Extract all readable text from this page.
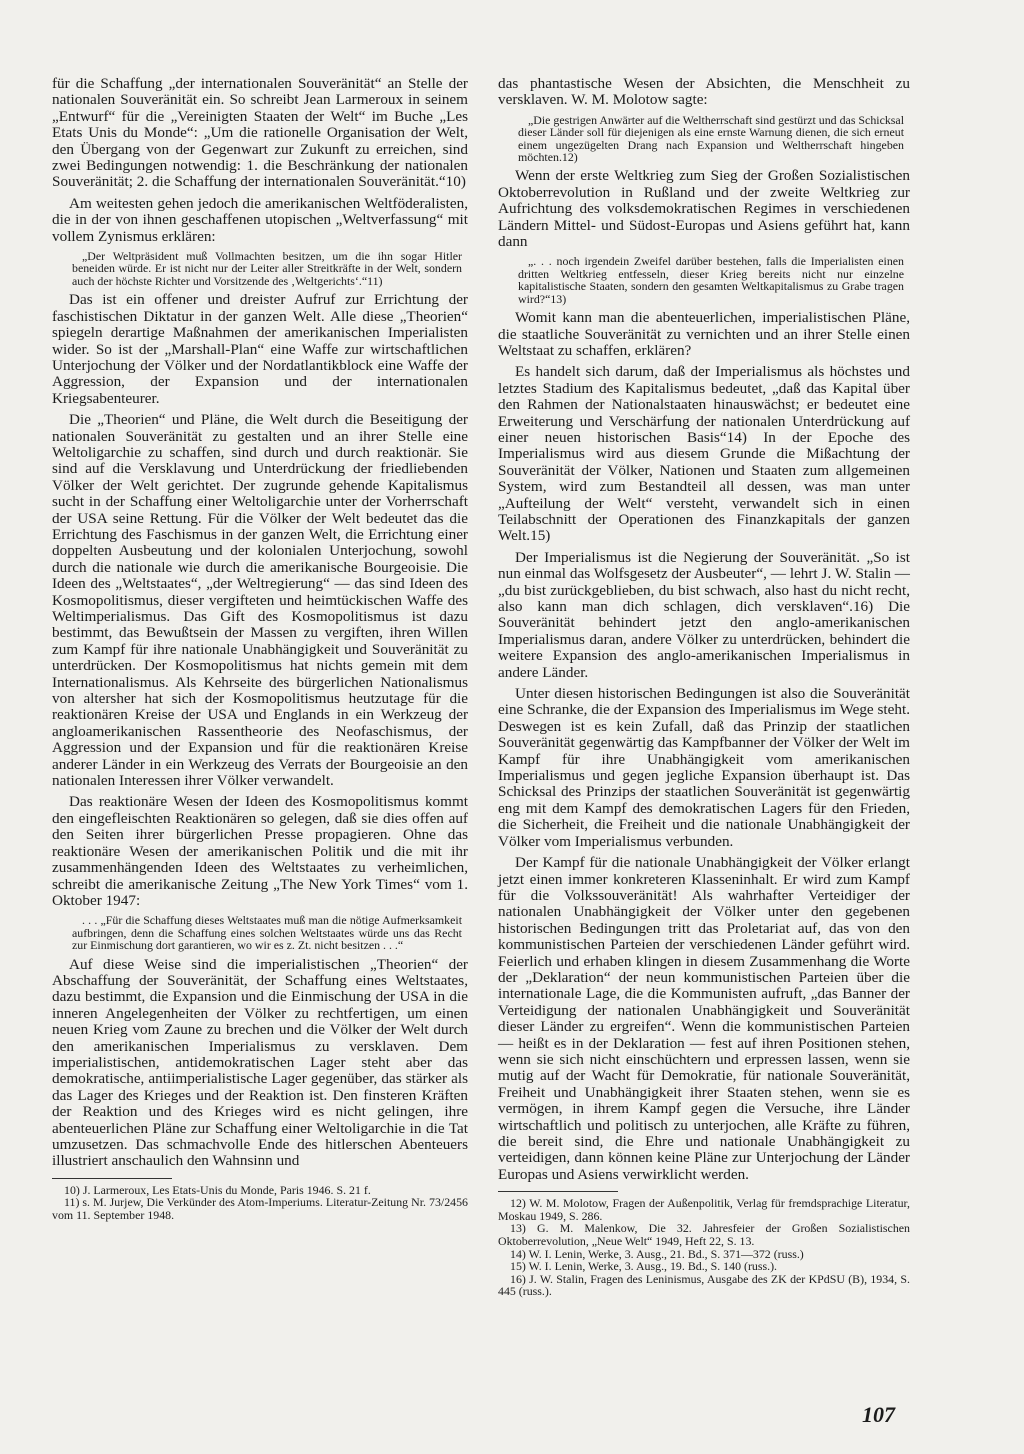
für die Schaffung „der internationalen Souveränität“ an Stelle der nationalen Souveränität ein. So schreibt Jean Larmeroux in seinem „Entwurf“ für die „Vereinigten Staaten der Welt“ im Buche „Les Etats Unis du Monde“: „Um die rationelle Organisation der Welt, den Übergang von der Gegenwart zur Zukunft zu erreichen, sind zwei Bedingungen notwendig: 1. die Beschränkung der nationalen Souveränität; 2. die Schaffung der internationalen Souveränität.“10)

Am weitesten gehen jedoch die amerikanischen Weltföderalisten, die in der von ihnen geschaffenen utopischen „Weltverfassung“ mit vollem Zynismus erklären:

„Der Weltpräsident muß Vollmachten besitzen, um die ihn sogar Hitler beneiden würde. Er ist nicht nur der Leiter aller Streitkräfte in der Welt, sondern auch der höchste Richter und Vorsitzende des ‚Weltgerichts‘.“11)

Das ist ein offener und dreister Aufruf zur Errichtung der faschistischen Diktatur in der ganzen Welt. Alle diese „Theorien“ spiegeln derartige Maßnahmen der amerikanischen Imperialisten wider. So ist der „Marshall-Plan“ eine Waffe zur wirtschaftlichen Unterjochung der Völker und der Nordatlantikblock eine Waffe der Aggression, der Expansion und der internationalen Kriegsabenteurer.

Die „Theorien“ und Pläne, die Welt durch die Beseitigung der nationalen Souveränität zu gestalten und an ihrer Stelle eine Weltoligarchie zu schaffen, sind durch und durch reaktionär. Sie sind auf die Versklavung und Unterdrückung der friedliebenden Völker der Welt gerichtet. Der zugrunde gehende Kapitalismus sucht in der Schaffung einer Weltoligarchie unter der Vorherrschaft der USA seine Rettung. Für die Völker der Welt bedeutet das die Errichtung des Faschismus in der ganzen Welt, die Errichtung einer doppelten Ausbeutung und der kolonialen Unterjochung, sowohl durch die nationale wie durch die amerikanische Bourgeoisie. Die Ideen des „Weltstaates“, „der Weltregierung“ — das sind Ideen des Kosmopolitismus, dieser vergifteten und heimtückischen Waffe des Weltimperialismus. Das Gift des Kosmopolitismus ist dazu bestimmt, das Bewußtsein der Massen zu vergiften, ihren Willen zum Kampf für ihre nationale Unabhängigkeit und Souveränität zu unterdrücken. Der Kosmopolitismus hat nichts gemein mit dem Internationalismus. Als Kehrseite des bürgerlichen Nationalismus von altersher hat sich der Kosmopolitismus heutzutage für die reaktionären Kreise der USA und Englands in ein Werkzeug der angloamerikanischen Rassentheorie des Neofaschismus, der Aggression und der Expansion und für die reaktionären Kreise anderer Länder in ein Werkzeug des Verrats der Bourgeoisie an den nationalen Interessen ihrer Völker verwandelt.

Das reaktionäre Wesen der Ideen des Kosmopolitismus kommt den eingefleischten Reaktionären so gelegen, daß sie dies offen auf den Seiten ihrer bürgerlichen Presse propagieren. Ohne das reaktionäre Wesen der amerikanischen Politik und die mit ihr zusammenhängenden Ideen des Weltstaates zu verheimlichen, schreibt die amerikanische Zeitung „The New York Times“ vom 1. Oktober 1947:

. . . „Für die Schaffung dieses Weltstaates muß man die nötige Aufmerksamkeit aufbringen, denn die Schaffung eines solchen Weltstaates würde uns das Recht zur Einmischung dort garantieren, wo wir es z. Zt. nicht besitzen . . .“

Auf diese Weise sind die imperialistischen „Theorien“ der Abschaffung der Souveränität, der Schaffung eines Weltstaates, dazu bestimmt, die Expansion und die Einmischung der USA in die inneren Angelegenheiten der Völker zu rechtfertigen, um einen neuen Krieg vom Zaune zu brechen und die Völker der Welt durch den amerikanischen Imperialismus zu versklaven. Dem imperialistischen, antidemokratischen Lager steht aber das demokratische, antiimperialistische Lager gegenüber, das stärker als das Lager des Krieges und der Reaktion ist. Den finsteren Kräften der Reaktion und des Krieges wird es nicht gelingen, ihre abenteuerlichen Pläne zur Schaffung einer Weltoligarchie in die Tat umzusetzen. Das schmachvolle Ende des hitlerschen Abenteuers illustriert anschaulich den Wahnsinn und

10) J. Larmeroux, Les Etats-Unis du Monde, Paris 1946. S. 21 f.

11) s. M. Jurjew, Die Verkünder des Atom-Imperiums. Literatur-Zeitung Nr. 73/2456 vom 11. September 1948.

das phantastische Wesen der Absichten, die Menschheit zu versklaven. W. M. Molotow sagte:

„Die gestrigen Anwärter auf die Weltherrschaft sind gestürzt und das Schicksal dieser Länder soll für diejenigen als eine ernste Warnung dienen, die sich erneut einem ungezügelten Drang nach Expansion und Weltherrschaft hingeben möchten.12)

Wenn der erste Weltkrieg zum Sieg der Großen Sozialistischen Oktoberrevolution in Rußland und der zweite Weltkrieg zur Aufrichtung des volksdemokratischen Regimes in verschiedenen Ländern Mittel- und Südost-Europas und Asiens geführt hat, kann dann

„. . . noch irgendein Zweifel darüber bestehen, falls die Imperialisten einen dritten Weltkrieg entfesseln, dieser Krieg bereits nicht nur einzelne kapitalistische Staaten, sondern den gesamten Weltkapitalismus zu Grabe tragen wird?“13)

Womit kann man die abenteuerlichen, imperialistischen Pläne, die staatliche Souveränität zu vernichten und an ihrer Stelle einen Weltstaat zu schaffen, erklären?

Es handelt sich darum, daß der Imperialismus als höchstes und letztes Stadium des Kapitalismus bedeutet, „daß das Kapital über den Rahmen der Nationalstaaten hinauswächst; er bedeutet eine Erweiterung und Verschärfung der nationalen Unterdrückung auf einer neuen historischen Basis“14) In der Epoche des Imperialismus wird aus diesem Grunde die Mißachtung der Souveränität der Völker, Nationen und Staaten zum allgemeinen System, wird zum Bestandteil all dessen, was man unter „Aufteilung der Welt“ versteht, verwandelt sich in einen Teilabschnitt der Operationen des Finanzkapitals der ganzen Welt.15)

Der Imperialismus ist die Negierung der Souveränität. „So ist nun einmal das Wolfsgesetz der Ausbeuter“, — lehrt J. W. Stalin — „du bist zurückgeblieben, du bist schwach, also hast du nicht recht, also kann man dich schlagen, dich versklaven“.16) Die Souveränität behindert jetzt den anglo-amerikanischen Imperialismus daran, andere Völker zu unterdrücken, behindert die weitere Expansion des anglo-amerikanischen Imperialismus in andere Länder.

Unter diesen historischen Bedingungen ist also die Souveränität eine Schranke, die der Expansion des Imperialismus im Wege steht. Deswegen ist es kein Zufall, daß das Prinzip der staatlichen Souveränität gegenwärtig das Kampfbanner der Völker der Welt im Kampf für ihre Unabhängigkeit vom amerikanischen Imperialismus und gegen jegliche Expansion überhaupt ist. Das Schicksal des Prinzips der staatlichen Souveränität ist gegenwärtig eng mit dem Kampf des demokratischen Lagers für den Frieden, die Sicherheit, die Freiheit und die nationale Unabhängigkeit der Völker vom Imperialismus verbunden.

Der Kampf für die nationale Unabhängigkeit der Völker erlangt jetzt einen immer konkreteren Klasseninhalt. Er wird zum Kampf für die Volkssouveränität! Als wahrhafter Verteidiger der nationalen Unabhängigkeit der Völker unter den gegebenen historischen Bedingungen tritt das Proletariat auf, das von den kommunistischen Parteien der verschiedenen Länder geführt wird. Feierlich und erhaben klingen in diesem Zusammenhang die Worte der „Deklaration“ der neun kommunistischen Parteien über die internationale Lage, die die Kommunisten aufruft, „das Banner der Verteidigung der nationalen Unabhängigkeit und Souveränität dieser Länder zu ergreifen“. Wenn die kommunistischen Parteien — heißt es in der Deklaration — fest auf ihren Positionen stehen, wenn sie sich nicht einschüchtern und erpressen lassen, wenn sie mutig auf der Wacht für Demokratie, für nationale Souveränität, Freiheit und Unabhängigkeit ihrer Staaten stehen, wenn sie es vermögen, in ihrem Kampf gegen die Versuche, ihre Länder wirtschaftlich und politisch zu unterjochen, alle Kräfte zu führen, die bereit sind, die Ehre und nationale Unabhängigkeit zu verteidigen, dann können keine Pläne zur Unterjochung der Länder Europas und Asiens verwirklicht werden.

12) W. M. Molotow, Fragen der Außenpolitik, Verlag für fremdsprachige Literatur, Moskau 1949, S. 286.

13) G. M. Malenkow, Die 32. Jahresfeier der Großen Sozialistischen Oktoberrevolution, „Neue Welt“ 1949, Heft 22, S. 13.

14) W. I. Lenin, Werke, 3. Ausg., 21. Bd., S. 371—372 (russ.)

15) W. I. Lenin, Werke, 3. Ausg., 19. Bd., S. 140 (russ.).

16) J. W. Stalin, Fragen des Leninismus, Ausgabe des ZK der KPdSU (B), 1934, S. 445 (russ.).

107
